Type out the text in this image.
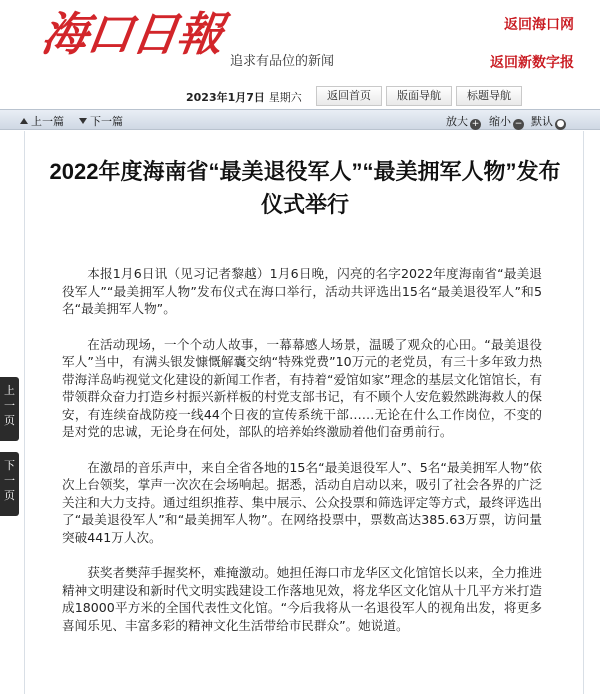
海口日報
追求有品位的新闻
返回海口网
返回新数字报
2023年1月7日 星期六	返回首页	版面导航	标题导航
上一篇	下一篇	放大 + 缩小 − 默认 ●
2022年度海南省“最美退役军人”“最美拥军人物”发布仪式举行

本报1月6日讯（见习记者黎越）1月6日晚，闪亮的名字2022年度海南省“最美退役军人”“最美拥军人物”发布仪式在海口举行，活动共评选出15名“最美退役军人”和5名“最美拥军人物”。

在活动现场，一个个动人故事，一幕幕感人场景，温暖了观众的心田。“最美退役军人”当中，有满头银发慷慨解囊交纳“特殊党费”10万元的老党员，有三十多年致力热带海洋岛屿视觉文化建设的新闻工作者，有持着“爱馆如家”理念的基层文化馆馆长，有带领群众奋力打造乡村振兴新样板的村党支部书记，有不顾个人安危毅然跳海救人的保安，有连续奋战防疫一线44个日夜的宣传系统干部……无论在什么工作岗位，不变的是对党的忠诚，无论身在何处，部队的培养始终激励着他们奋勇前行。

在激昂的音乐声中，来自全省各地的15名“最美退役军人”、5名“最美拥军人物”依次上台领奖，掌声一次次在会场响起。据悉，活动自启动以来，吸引了社会各界的广泛关注和大力支持。通过组织推荐、集中展示、公众投票和筛选评定等方式，最终评选出了“最美退役军人”和“最美拥军人物”。在网络投票中，票数高达385.63万票，访问量突破441万人次。

获奖者樊萍手握奖杯，难掩激动。她担任海口市龙华区文化馆馆长以来，全力推进精神文明建设和新时代文明实践建设工作落地见效，将龙华区文化馆从十几平方米打造成18000平方米的全国代表性文化馆。“今后我将从一名退役军人的视角出发，将更多喜闻乐见、丰富多彩的精神文化生活带给市民群众”。她说道。

上
一
页
下
一
页
